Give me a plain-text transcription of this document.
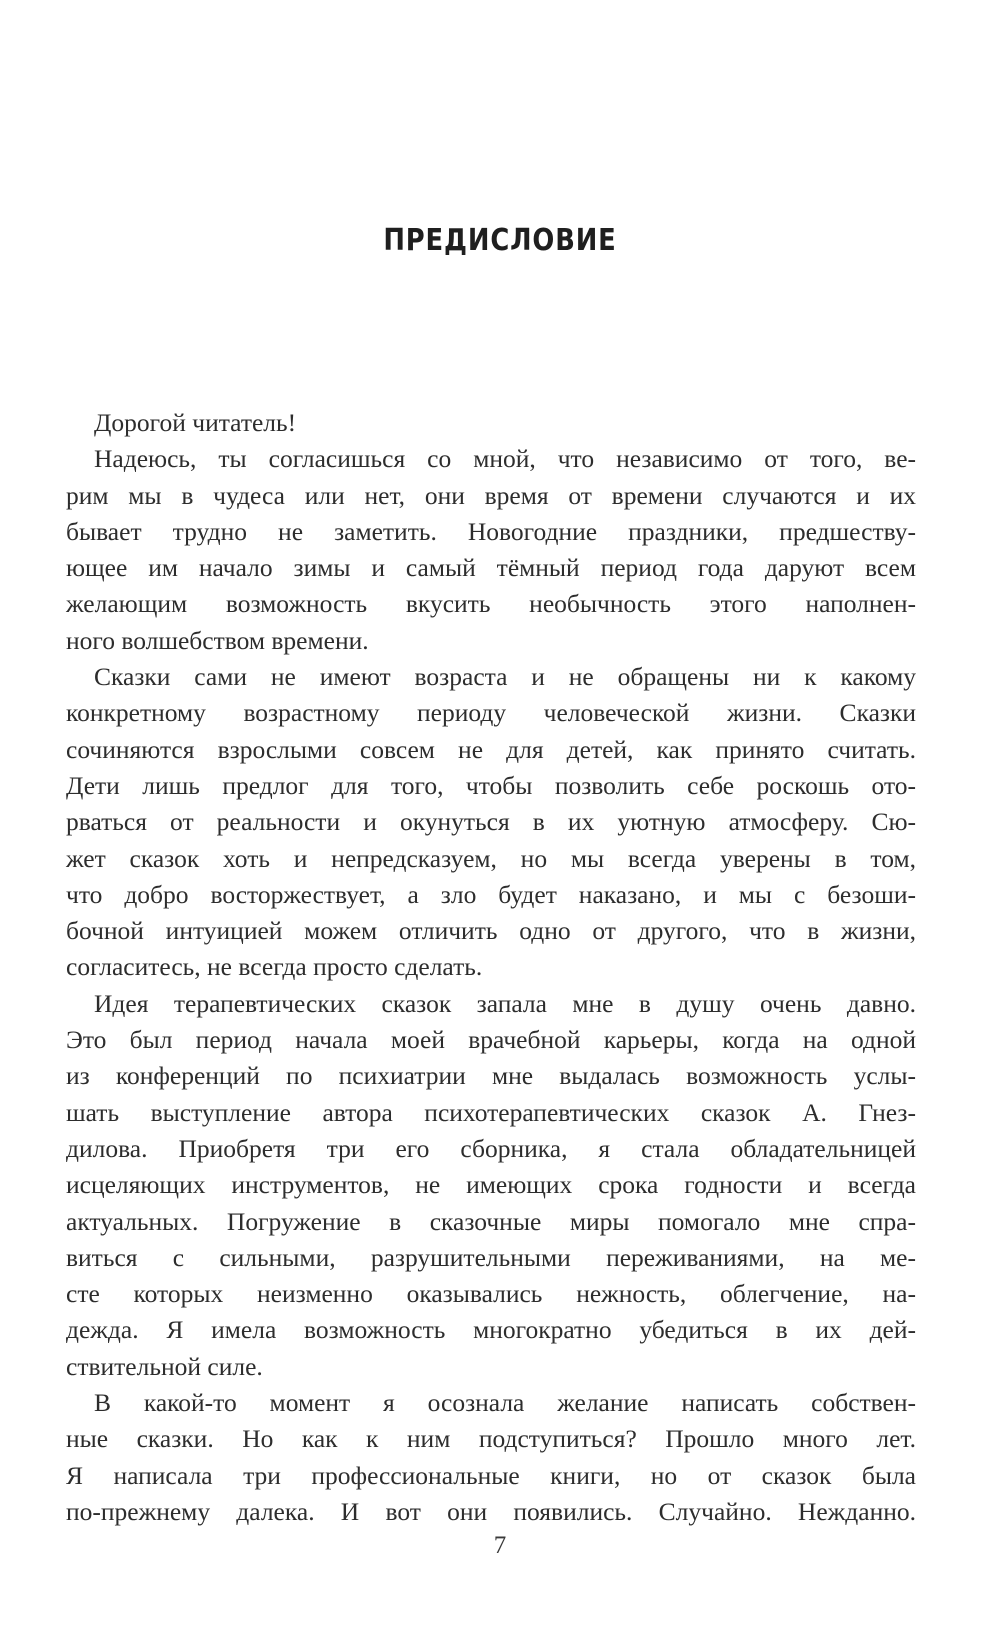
ПРЕДИСЛОВИЕ
Дорогой читатель!
Надеюсь, ты согласишься со мной, что независимо от того, ве-
рим мы в чудеса или нет, они время от времени случаются и их
бывает трудно не заметить. Новогодние праздники, предшеству-
ющее им начало зимы и самый тёмный период года даруют всем
желающим возможность вкусить необычность этого наполнен-
ного волшебством времени.
Сказки сами не имеют возраста и не обращены ни к какому
конкретному возрастному периоду человеческой жизни. Сказки
сочиняются взрослыми совсем не для детей, как принято считать.
Дети лишь предлог для того, чтобы позволить себе роскошь ото-
рваться от реальности и окунуться в их уютную атмосферу. Сю-
жет сказок хоть и непредсказуем, но мы всегда уверены в том,
что добро восторжествует, а зло будет наказано, и мы с безоши-
бочной интуицией можем отличить одно от другого, что в жизни,
согласитесь, не всегда просто сделать.
Идея терапевтических сказок запала мне в душу очень давно.
Это был период начала моей врачебной карьеры, когда на одной
из конференций по психиатрии мне выдалась возможность услы-
шать выступление автора психотерапевтических сказок А. Гнез-
дилова. Приобретя три его сборника, я стала обладательницей
исцеляющих инструментов, не имеющих срока годности и всегда
актуальных. Погружение в сказочные миры помогало мне спра-
виться с сильными, разрушительными переживаниями, на ме-
сте которых неизменно оказывались нежность, облегчение, на-
дежда. Я имела возможность многократно убедиться в их дей-
ствительной силе.
В какой-то момент я осознала желание написать собствен-
ные сказки. Но как к ним подступиться? Прошло много лет.
Я написала три профессиональные книги, но от сказок была
по-прежнему далека. И вот они появились. Случайно. Нежданно.

7
